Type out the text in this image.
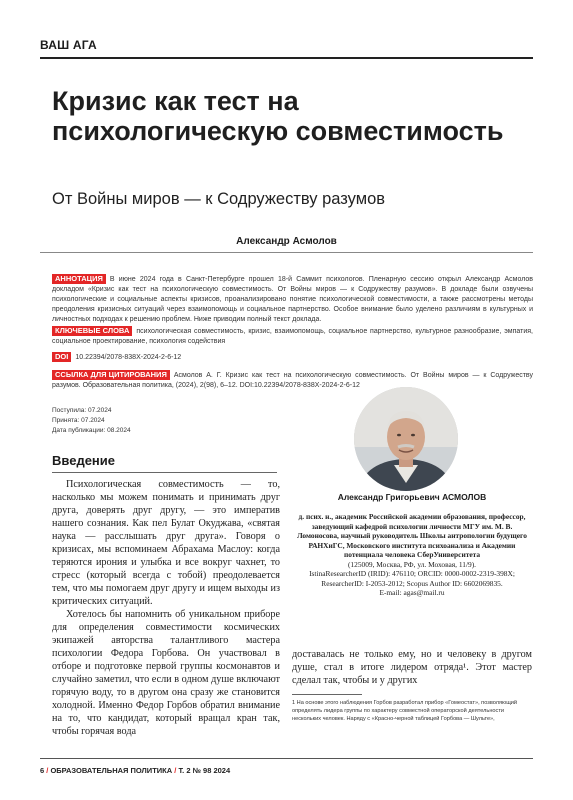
ВАШ АГА
Кризис как тест на психологическую совместимость
От Войны миров — к Содружеству разумов
Александр Асмолов
АННОТАЦИЯ В июне 2024 года в Санкт-Петербурге прошел 18-й Саммит психологов. Пленарную сессию открыл Александр Асмолов докладом «Кризис как тест на психологическую совместимость. От Войны миров — к Содружеству разумов». В докладе были озвучены психологические и социальные аспекты кризисов, проанализировано понятие психологической совместимости, а также рассмотрены методы преодоления кризисных ситуаций через взаимопомощь и социальное партнерство. Особое внимание было уделено различиям в культурных и личностных подходах к решению проблем. Ниже приводим полный текст доклада.
КЛЮЧЕВЫЕ СЛОВА психологическая совместимость, кризис, взаимопомощь, социальное партнерство, культурное разнообразие, эмпатия, социальное проектирование, психология содействия
DOI 10.22394/2078-838X-2024-2-6-12
ССЫЛКА ДЛЯ ЦИТИРОВАНИЯ Асмолов А. Г. Кризис как тест на психологическую совместимость. От Войны миров — к Содружеству разумов. Образовательная политика, (2024), 2(98), 6–12. DOI:10.22394/2078-838X-2024-2-6-12
Поступила: 07.2024
Принята: 07.2024
Дата публикации: 08.2024
Александр Григорьевич АСМОЛОВ
д. псих. н., академик Российской академии образования, профессор, заведующий кафедрой психологии личности МГУ им. М. В. Ломоносова, научный руководитель Школы антропологии будущего РАНХиГС, Московского института психоанализа и Академии потенциала человека СберУниверситета
(125009, Москва, РФ, ул. Моховая, 11/9).
IstinaResearcherID (IRID): 476110; ORCID: 0000-0002-2319-398X; ResearcherID: I-2053-2012; Scopus Author ID: 6602069835.
E-mail: agas@mail.ru
Введение

Психологическая совместимость — то, насколько мы можем понимать и принимать друг друга, доверять друг другу, — это императив нашего сознания. Как пел Булат Окуджава, «святая наука — расслышать друг друга». Говоря о кризисах, мы вспоминаем Абрахама Маслоу: когда теряются ирония и улыбка и все вокруг чахнет, то стресс (который всегда с тобой) преодолевается тем, что мы помогаем друг другу и ищем выходы из критических ситуаций.

Хотелось бы напомнить об уникальном приборе для определения совместимости космических экипажей авторства талантливого мастера психологии Федора Горбова. Он участвовал в отборе и подготовке первой группы космонавтов и случайно заметил, что если в одном душе включают горячую воду, то в другом она сразу же становится холодной. Именно Федор Горбов обратил внимание на то, что кандидат, который вращал кран так, чтобы горячая вода

доставалась не только ему, но и человеку в другом душе, стал в итоге лидером отряда¹. Этот мастер сделал так, чтобы и у других
1 На основе этого наблюдения Горбов разработал прибор «Гомеостат», позволяющий определять лидера группы по характеру совместной операторской деятельности нескольких человек. Наряду с «Красно-черной таблицей Горбова — Шульте»,
6 / ОБРАЗОВАТЕЛЬНАЯ ПОЛИТИКА / Т. 2 № 98 2024
